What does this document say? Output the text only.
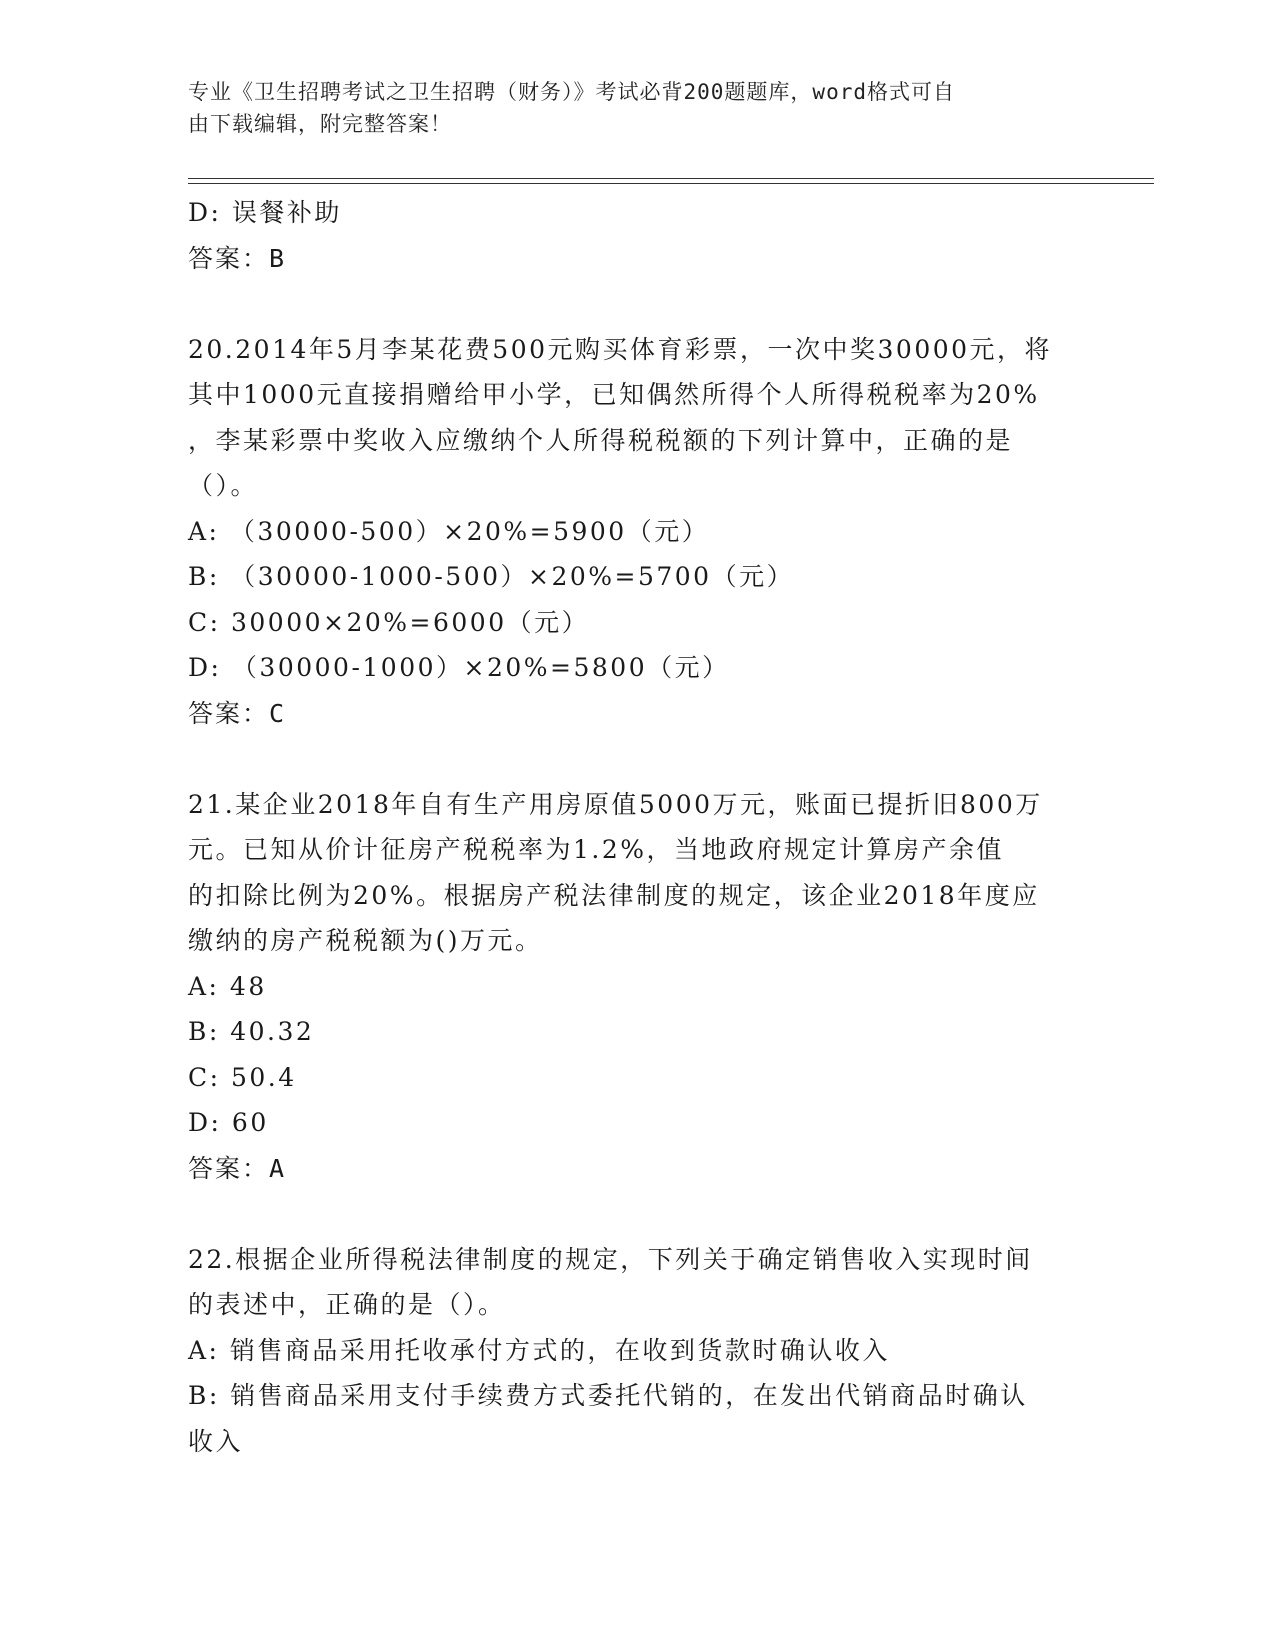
专业《卫生招聘考试之卫生招聘（财务）》考试必背200题题库，word格式可自
由下载编辑，附完整答案！
D: 误餐补助
答案：B
20.2014年5月李某花费500元购买体育彩票，一次中奖30000元，将
其中1000元直接捐赠给甲小学，已知偶然所得个人所得税税率为20%
，李某彩票中奖收入应缴纳个人所得税税额的下列计算中，正确的是
（）。
A: （30000-500）×20%=5900（元）
B: （30000-1000-500）×20%=5700（元）
C: 30000×20%=6000（元）
D: （30000-1000）×20%=5800（元）
答案：C
21.某企业2018年自有生产用房原值5000万元，账面已提折旧800万
元。已知从价计征房产税税率为1.2%，当地政府规定计算房产余值
的扣除比例为20%。根据房产税法律制度的规定，该企业2018年度应
缴纳的房产税税额为()万元。
A: 48
B: 40.32
C: 50.4
D: 60
答案：A
22.根据企业所得税法律制度的规定，下列关于确定销售收入实现时间
的表述中，正确的是（）。
A: 销售商品采用托收承付方式的，在收到货款时确认收入
B: 销售商品采用支付手续费方式委托代销的，在发出代销商品时确认
收入
